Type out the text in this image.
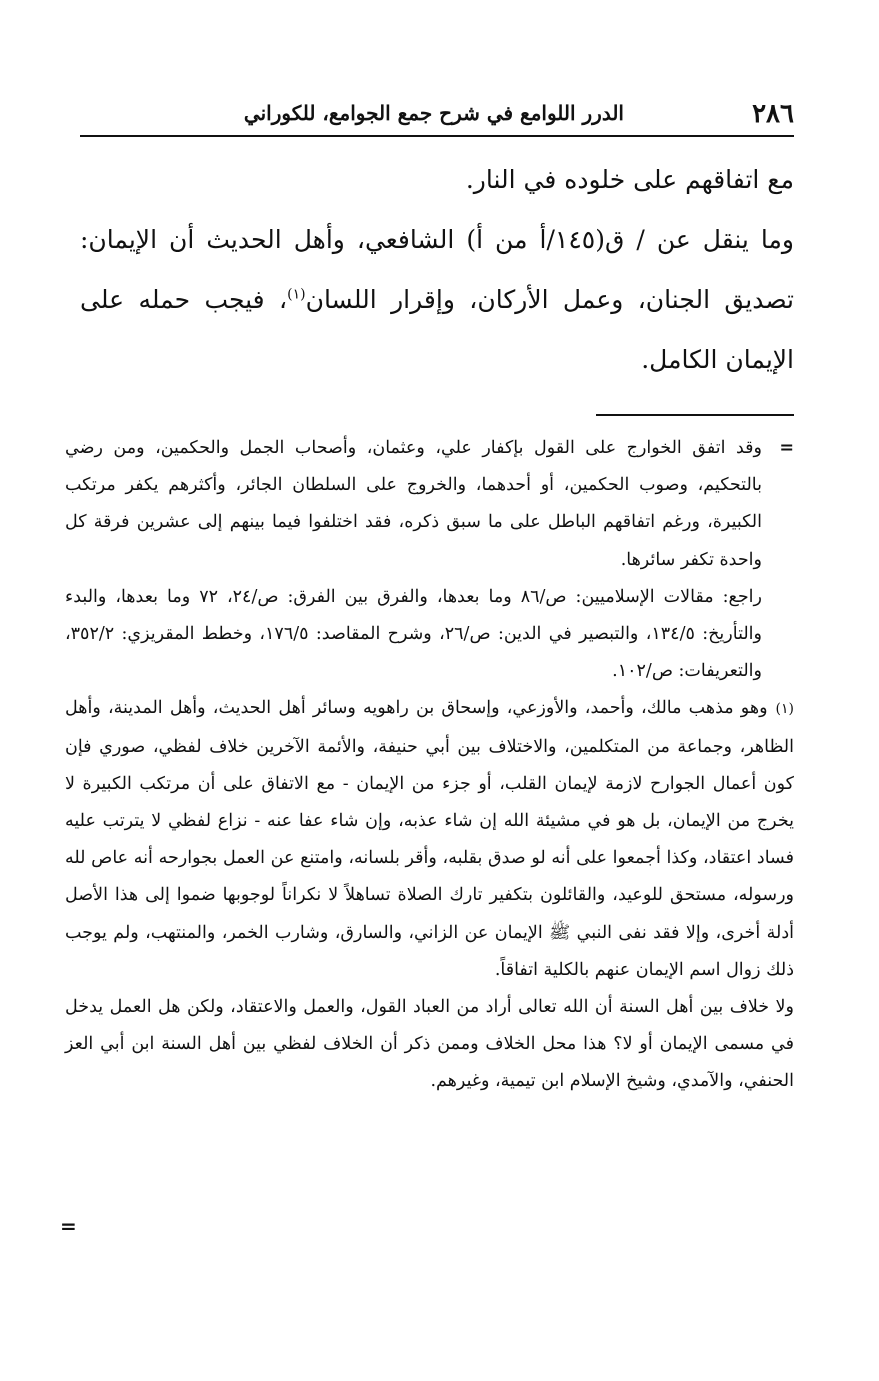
٢٨٦
الدرر اللوامع في شرح جمع الجوامع، للكوراني

مع اتفاقهم على خلوده في النار.

وما ينقل عن / ق(١٤٥/أ من أ) الشافعي، وأهل الحديث أن الإيمان: تصديق الجنان، وعمل الأركان، وإقرار اللسان$^{(١)}$، فيجب حمله على الإيمان الكامل.

=
وقد اتفق الخوارج على القول بإكفار علي، وعثمان، وأصحاب الجمل والحكمين، ومن رضي بالتحكيم، وصوب الحكمين، أو أحدهما، والخروج على السلطان الجائر، وأكثرهم يكفر مرتكب الكبيرة، ورغم اتفاقهم الباطل على ما سبق ذكره، فقد اختلفوا فيما بينهم إلى عشرين فرقة كل واحدة تكفر سائرها.

راجع: مقالات الإسلاميين: ص/٨٦ وما بعدها، والفرق بين الفرق: ص/٢٤، ٧٢ وما بعدها، والبدء والتأريخ: ١٣٤/٥، والتبصير في الدين: ص/٢٦، وشرح المقاصد: ١٧٦/٥، وخطط المقريزي: ٣٥٢/٢، والتعريفات: ص/١٠٢.

(١)وهو مذهب مالك، وأحمد، والأوزعي، وإسحاق بن راهويه وسائر أهل الحديث، وأهل المدينة، وأهل الظاهر، وجماعة من المتكلمين، والاختلاف بين أبي حنيفة، والأئمة الآخرين خلاف لفظي، صوري فإن كون أعمال الجوارح لازمة لإيمان القلب، أو جزء من الإيمان - مع الاتفاق على أن مرتكب الكبيرة لا يخرج من الإيمان، بل هو في مشيئة الله إن شاء عذبه، وإن شاء عفا عنه - نزاع لفظي لا يترتب عليه فساد اعتقاد، وكذا أجمعوا على أنه لو صدق بقلبه، وأقر بلسانه، وامتنع عن العمل بجوارحه أنه عاص لله ورسوله، مستحق للوعيد، والقائلون بتكفير تارك الصلاة تساهلاً لا نكراناً لوجوبها ضموا إلى هذا الأصل أدلة أخرى، وإلا فقد نفى النبي ﷺ الإيمان عن الزاني، والسارق، وشارب الخمر، والمنتهب، ولم يوجب ذلك زوال اسم الإيمان عنهم بالكلية اتفاقاً.

ولا خلاف بين أهل السنة أن الله تعالى أراد من العباد القول، والعمل والاعتقاد، ولكن هل العمل يدخل في مسمى الإيمان أو لا؟ هذا محل الخلاف وممن ذكر أن الخلاف لفظي بين أهل السنة ابن أبي العز الحنفي، والآمدي، وشيخ الإسلام ابن تيمية، وغيرهم.

=
